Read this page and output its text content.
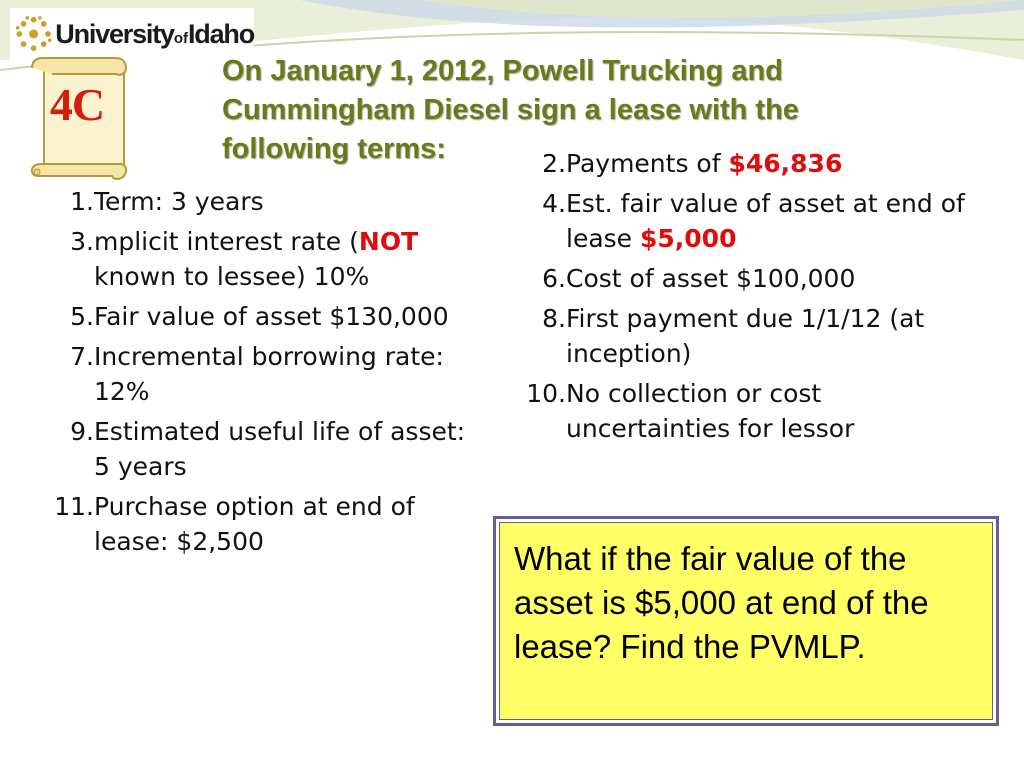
UniversityofIdaho
4C
On January 1, 2012, Powell Trucking and Cummingham Diesel sign a lease with the following terms:
1. Term: 3 years
3. mplicit interest rate (NOT known to lessee) 10%
5. Fair value of asset $130,000
7. Incremental borrowing rate: 12%
9. Estimated useful life of asset: 5 years
11. Purchase option at end of lease: $2,500
2. Payments of $46,836
4. Est. fair value of asset at end of lease $5,000
6. Cost of asset $100,000
8. First payment due 1/1/12 (at inception)
10. No collection or cost uncertainties for lessor
What if the fair value of the asset is $5,000 at end of the lease? Find the PVMLP.
